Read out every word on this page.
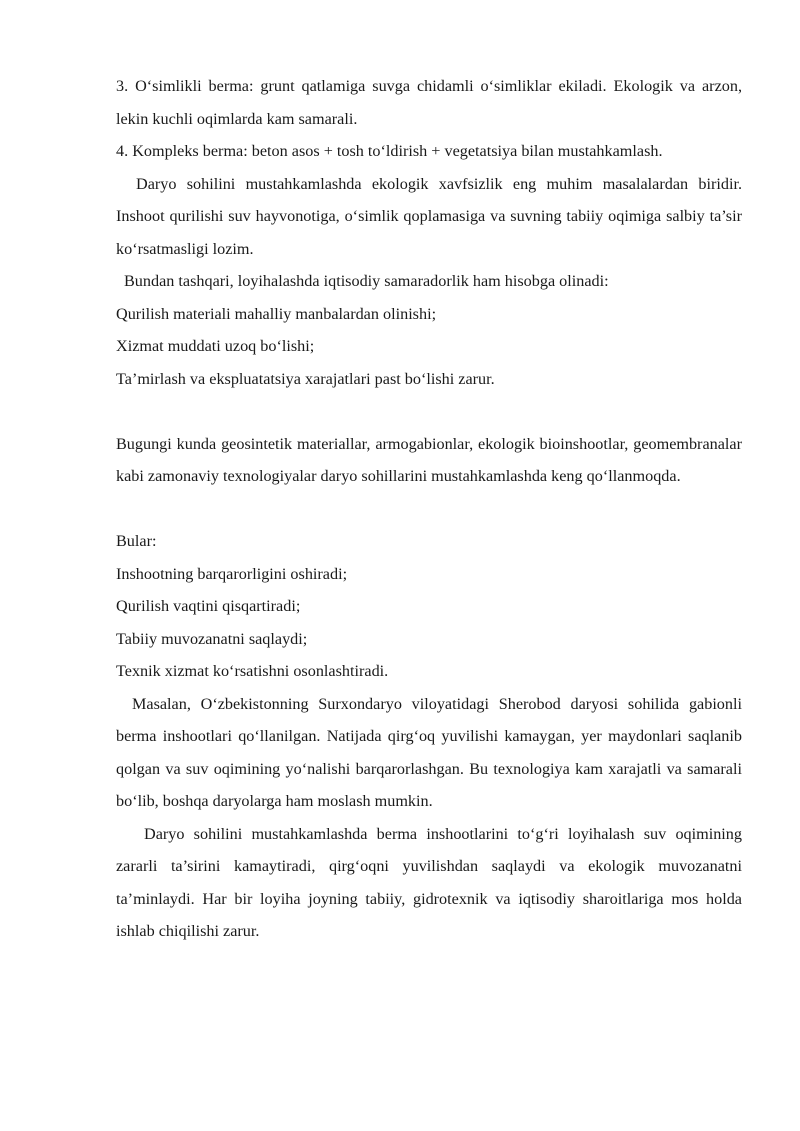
3. O‘simlikli berma: grunt qatlamiga suvga chidamli o‘simliklar ekiladi. Ekologik va arzon, lekin kuchli oqimlarda kam samarali.

4. Kompleks berma: beton asos + tosh to‘ldirish + vegetatsiya bilan mustahkamlash.

Daryo sohilini mustahkamlashda ekologik xavfsizlik eng muhim masalalardan biridir. Inshoot qurilishi suv hayvonotiga, o‘simlik qoplamasiga va suvning tabiiy oqimiga salbiy ta’sir ko‘rsatmasligi lozim.

Bundan tashqari, loyihalashda iqtisodiy samaradorlik ham hisobga olinadi:

Qurilish materiali mahalliy manbalardan olinishi;

Xizmat muddati uzoq bo‘lishi;

Ta’mirlash va ekspluatatsiya xarajatlari past bo‘lishi zarur.

Bugungi kunda geosintetik materiallar, armogabionlar, ekologik bioinshootlar, geomembranalar kabi zamonaviy texnologiyalar daryo sohillarini mustahkamlashda keng qo‘llanmoqda.

Bular:

Inshootning barqarorligini oshiradi;

Qurilish vaqtini qisqartiradi;

Tabiiy muvozanatni saqlaydi;

Texnik xizmat ko‘rsatishni osonlashtiradi.

Masalan, O‘zbekistonning Surxondaryo viloyatidagi Sherobod daryosi sohilida gabionli berma inshootlari qo‘llanilgan. Natijada qirg‘oq yuvilishi kamaygan, yer maydonlari saqlanib qolgan va suv oqimining yo‘nalishi barqarorlashgan. Bu texnologiya kam xarajatli va samarali bo‘lib, boshqa daryolarga ham moslash mumkin.

Daryo sohilini mustahkamlashda berma inshootlarini to‘g‘ri loyihalash suv oqimining zararli ta’sirini kamaytiradi, qirg‘oqni yuvilishdan saqlaydi va ekologik muvozanatni ta’minlaydi. Har bir loyiha joyning tabiiy, gidrotexnik va iqtisodiy sharoitlariga mos holda ishlab chiqilishi zarur.
